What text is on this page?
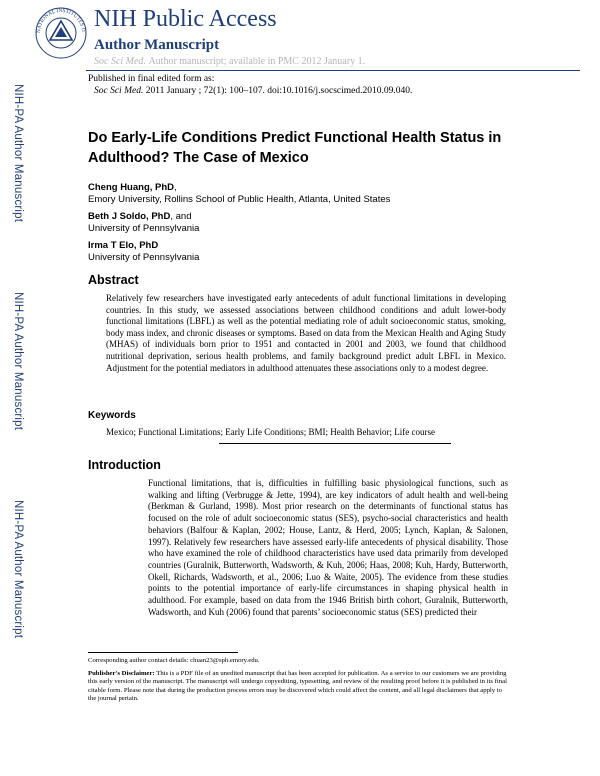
NATIONAL INSTITUTES O NIH Public Access
Author Manuscript
Soc Sci Med. Author manuscript; available in PMC 2012 January 1.
Published in final edited form as:
Soc Sci Med. 2011 January ; 72(1): 100–107. doi:10.1016/j.socscimed.2010.09.040.
NIH-PA Author Manuscript
NIH-PA Author Manuscript
NIH-PA Author Manuscript
Do Early-Life Conditions Predict Functional Health Status in
Adulthood? The Case of Mexico
Cheng Huang, PhD,
Emory University, Rollins School of Public Health, Atlanta, United States
Beth J Soldo, PhD, and
University of Pennsylvania
Irma T Elo, PhD
University of Pennsylvania
Abstract
Relatively few researchers have investigated early antecedents of adult functional limitations in developing countries. In this study, we assessed associations between childhood conditions and adult lower-body functional limitations (LBFL) as well as the potential mediating role of adult socioeconomic status, smoking, body mass index, and chronic diseases or symptoms. Based on data from the Mexican Health and Aging Study (MHAS) of individuals born prior to 1951 and contacted in 2001 and 2003, we found that childhood nutritional deprivation, serious health problems, and family background predict adult LBFL in Mexico. Adjustment for the potential mediators in adulthood attenuates these associations only to a modest degree.
Keywords
Mexico; Functional Limitations; Early Life Conditions; BMI; Health Behavior; Life course
Introduction
Functional limitations, that is, difficulties in fulfilling basic physiological functions, such as walking and lifting (Verbrugge & Jette, 1994), are key indicators of adult health and well-being (Berkman & Gurland, 1998). Most prior research on the determinants of functional status has focused on the role of adult socioeconomic status (SES), psycho-social characteristics and health behaviors (Balfour & Kaplan, 2002; House, Lantz, & Herd, 2005; Lynch, Kaplan, & Salonen, 1997). Relatively few researchers have assessed early-life antecedents of physical disability. Those who have examined the role of childhood characteristics have used data primarily from developed countries (Guralnik, Butterworth, Wadsworth, & Kuh, 2006; Haas, 2008; Kuh, Hardy, Butterworth, Okell, Richards, Wadsworth, et al., 2006; Luo & Waite, 2005). The evidence from these studies points to the potential importance of early-life circumstances in shaping physical health in adulthood. For example, based on data from the 1946 British birth cohort, Guralnik, Butterworth, Wadsworth, and Kuh (2006) found that parents’ socioeconomic status (SES) predicted their
Corresponding author contact details: chuan23@sph.emory.edu.
Publisher's Disclaimer: This is a PDF file of an unedited manuscript that has been accepted for publication. As a service to our customers we are providing this early version of the manuscript. The manuscript will undergo copyediting, typesetting, and review of the resulting proof before it is published in its final citable form. Please note that during the production process errors may be discovered which could affect the content, and all legal disclaimers that apply to the journal pertain.
